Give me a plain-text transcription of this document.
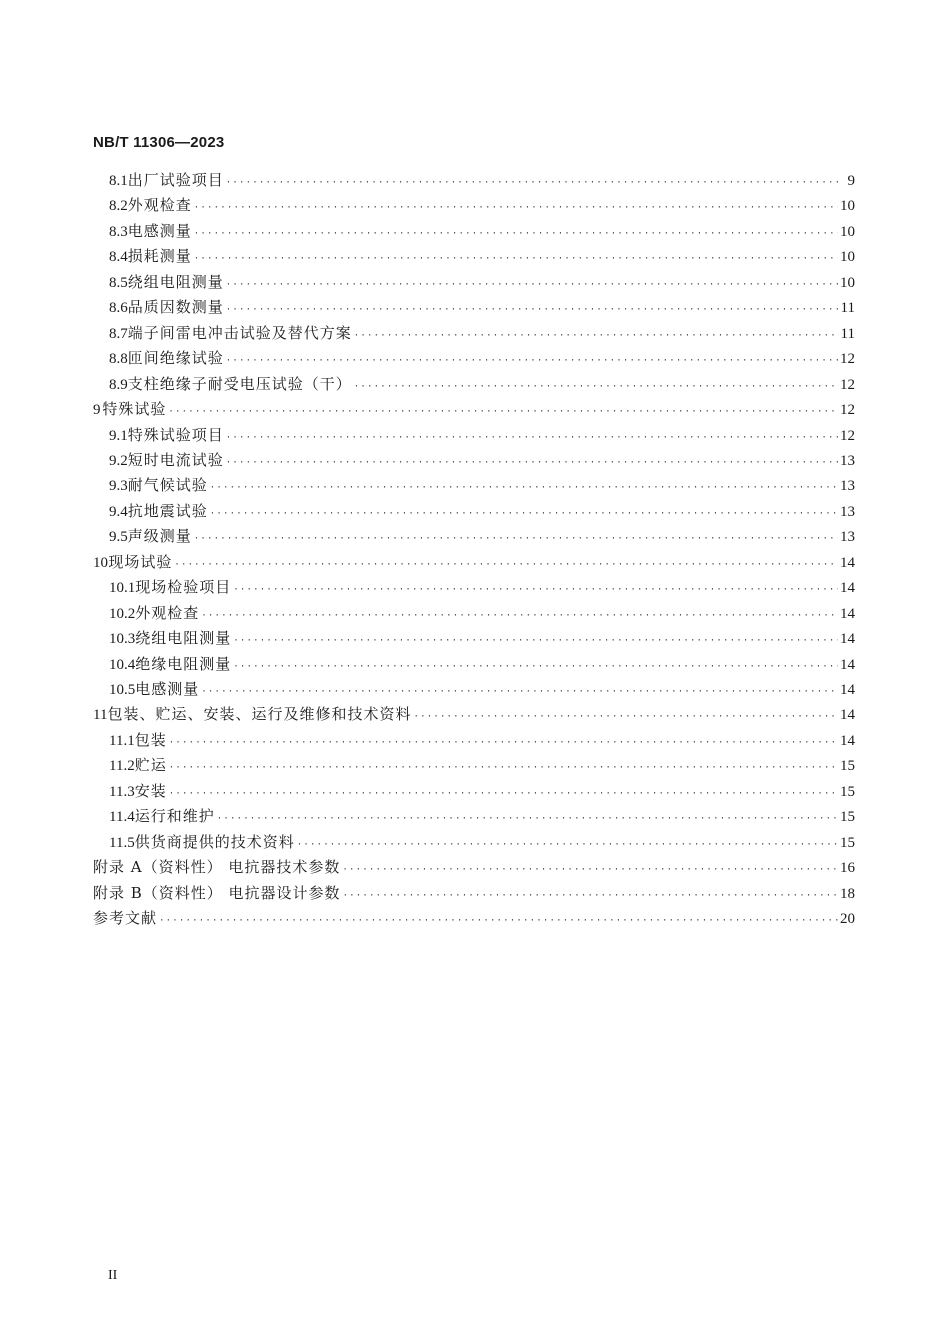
NB/T 11306—2023
8.1 出厂试验项目 ·····	9
8.2 外观检查 ·····	10
8.3 电感测量 ·····	10
8.4 损耗测量 ·····	10
8.5 绕组电阻测量 ·····	10
8.6 品质因数测量 ·····	11
8.7 端子间雷电冲击试验及替代方案 ·····	11
8.8 匝间绝缘试验 ·····	12
8.9 支柱绝缘子耐受电压试验（干） ·····	12
9 特殊试验 ·····	12
9.1 特殊试验项目 ·····	12
9.2 短时电流试验 ·····	13
9.3 耐气候试验 ·····	13
9.4 抗地震试验 ·····	13
9.5 声级测量 ·····	13
10 现场试验 ·····	14
10.1 现场检验项目 ·····	14
10.2 外观检查 ·····	14
10.3 绕组电阻测量 ·····	14
10.4 绝缘电阻测量 ·····	14
10.5 电感测量 ·····	14
11 包装、贮运、安装、运行及维修和技术资料 ·····	14
11.1 包装 ·····	14
11.2 贮运 ·····	15
11.3 安装 ·····	15
11.4 运行和维护 ·····	15
11.5 供货商提供的技术资料 ·····	15
附录 A（资料性） 电抗器技术参数 ·····	16
附录 B（资料性） 电抗器设计参数 ·····	18
参考文献 ·····	20
II
